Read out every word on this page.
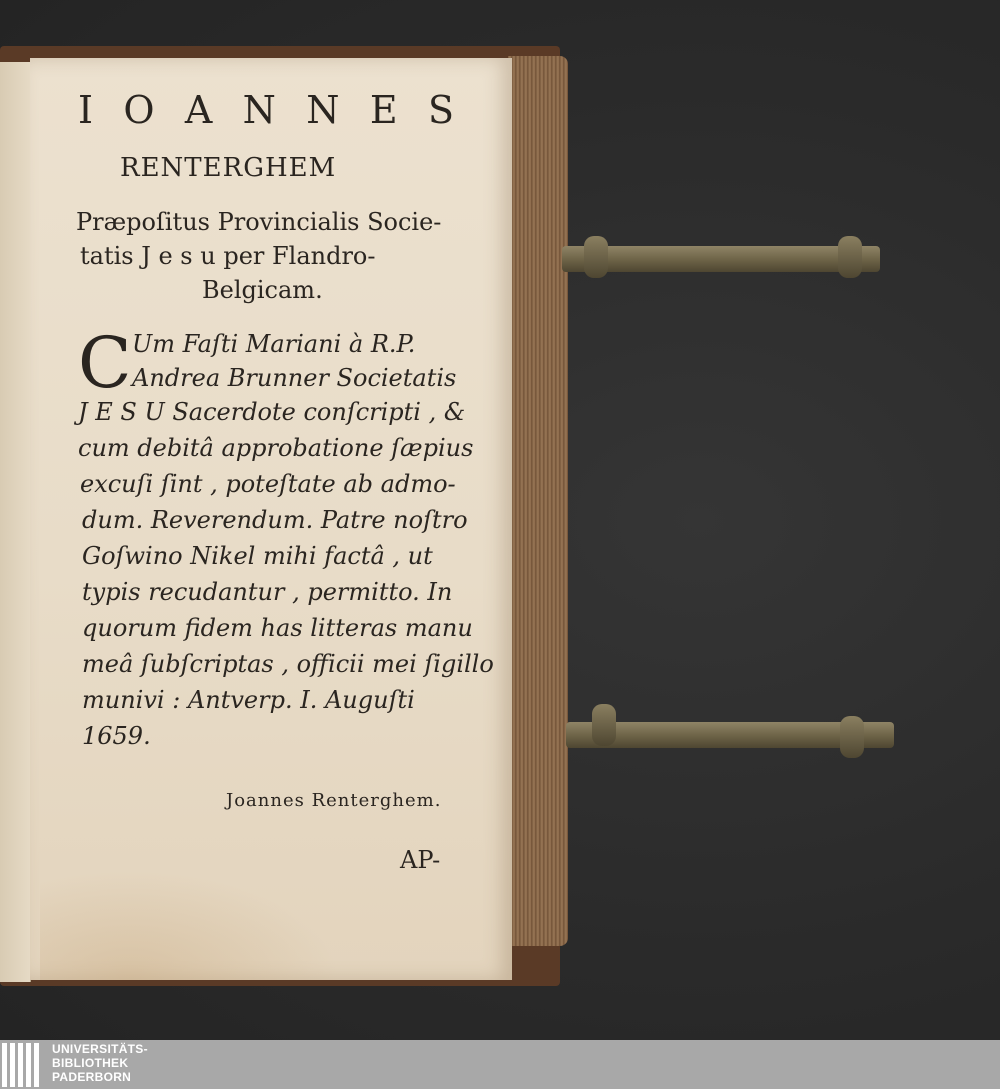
I O A N N E S
RENTERGHEM
Præpoſitus Provincialis Socie-
tatis J e s u per Flandro-
Belgicam.
C Um Faſti Mariani à R.P.
Andrea Brunner Societatis
J E S U Sacerdote conſcripti , &
cum debitâ approbatione ſæpius
excuſi ſint , poteſtate ab admo-
dum. Reverendum. Patre noſtro
Goſwino Nikel mihi factâ , ut
typis recudantur , permitto. In
quorum fidem has litteras manu
meâ ſubſcriptas , officii mei ſigillo
munivi : Antverp. I. Auguſti
1659.
Joannes Renterghem.
AP-
UNIVERSITÄTS-
BIBLIOTHEK
PADERBORN
